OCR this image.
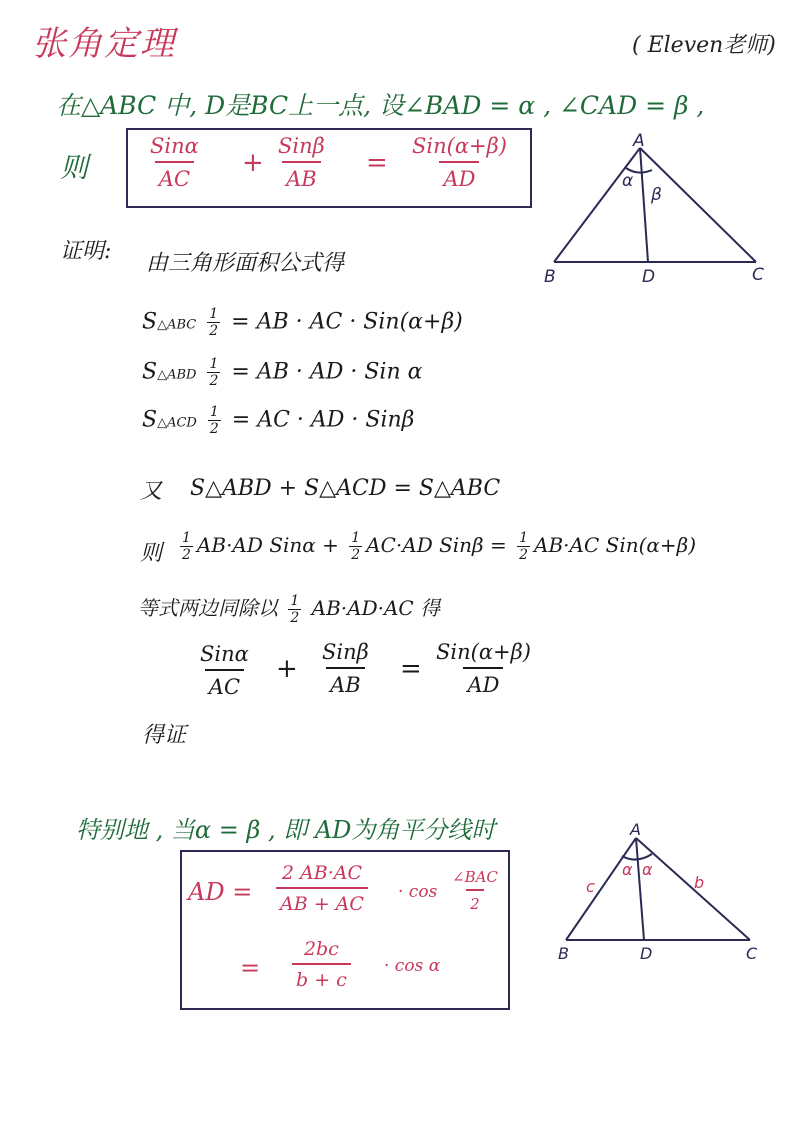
张角定理	( Eleven老师)
在△ABC 中, D是BC上一点, 设∠BAD = α , ∠CAD = β ,
则
Sinα
AC
+
Sinβ
AB
=
Sin(α+β)
AD
A
B	C
D
α
β
证明: 由三角形面积公式得
S△ABC $\frac{1}{2}$ = AB · AC · Sin(α+β)
S△ABD $\frac{1}{2}$ = AB · AD · Sin α
S△ACD $\frac{1}{2}$ = AC · AD · Sinβ
又 S△ABD + S△ACD = S△ABC
则 $\frac{1}{2} AB\cdot AD$ $Sin\alpha + \frac{1}{2} AC\cdot AD$ $Sin\beta = \frac{1}{2} AB\cdot AC$ Sin(α+β)
等式两边同除以 $\frac{1}{2} AB\cdot AD\cdot AC$ 得
Sinα
AC
+
Sinβ
AB
=
Sin(α+β)
AD
得证
特别地 , 当α = β , 即 AD为角平分线时
AD = $\frac{2 AB\cdot AC}{AB + AC} \cdot \cos$
∠BAC
2
= $\frac{2bc}{b + c} \cdot \cos \alpha$
A
B	C
D
α α
c	b
